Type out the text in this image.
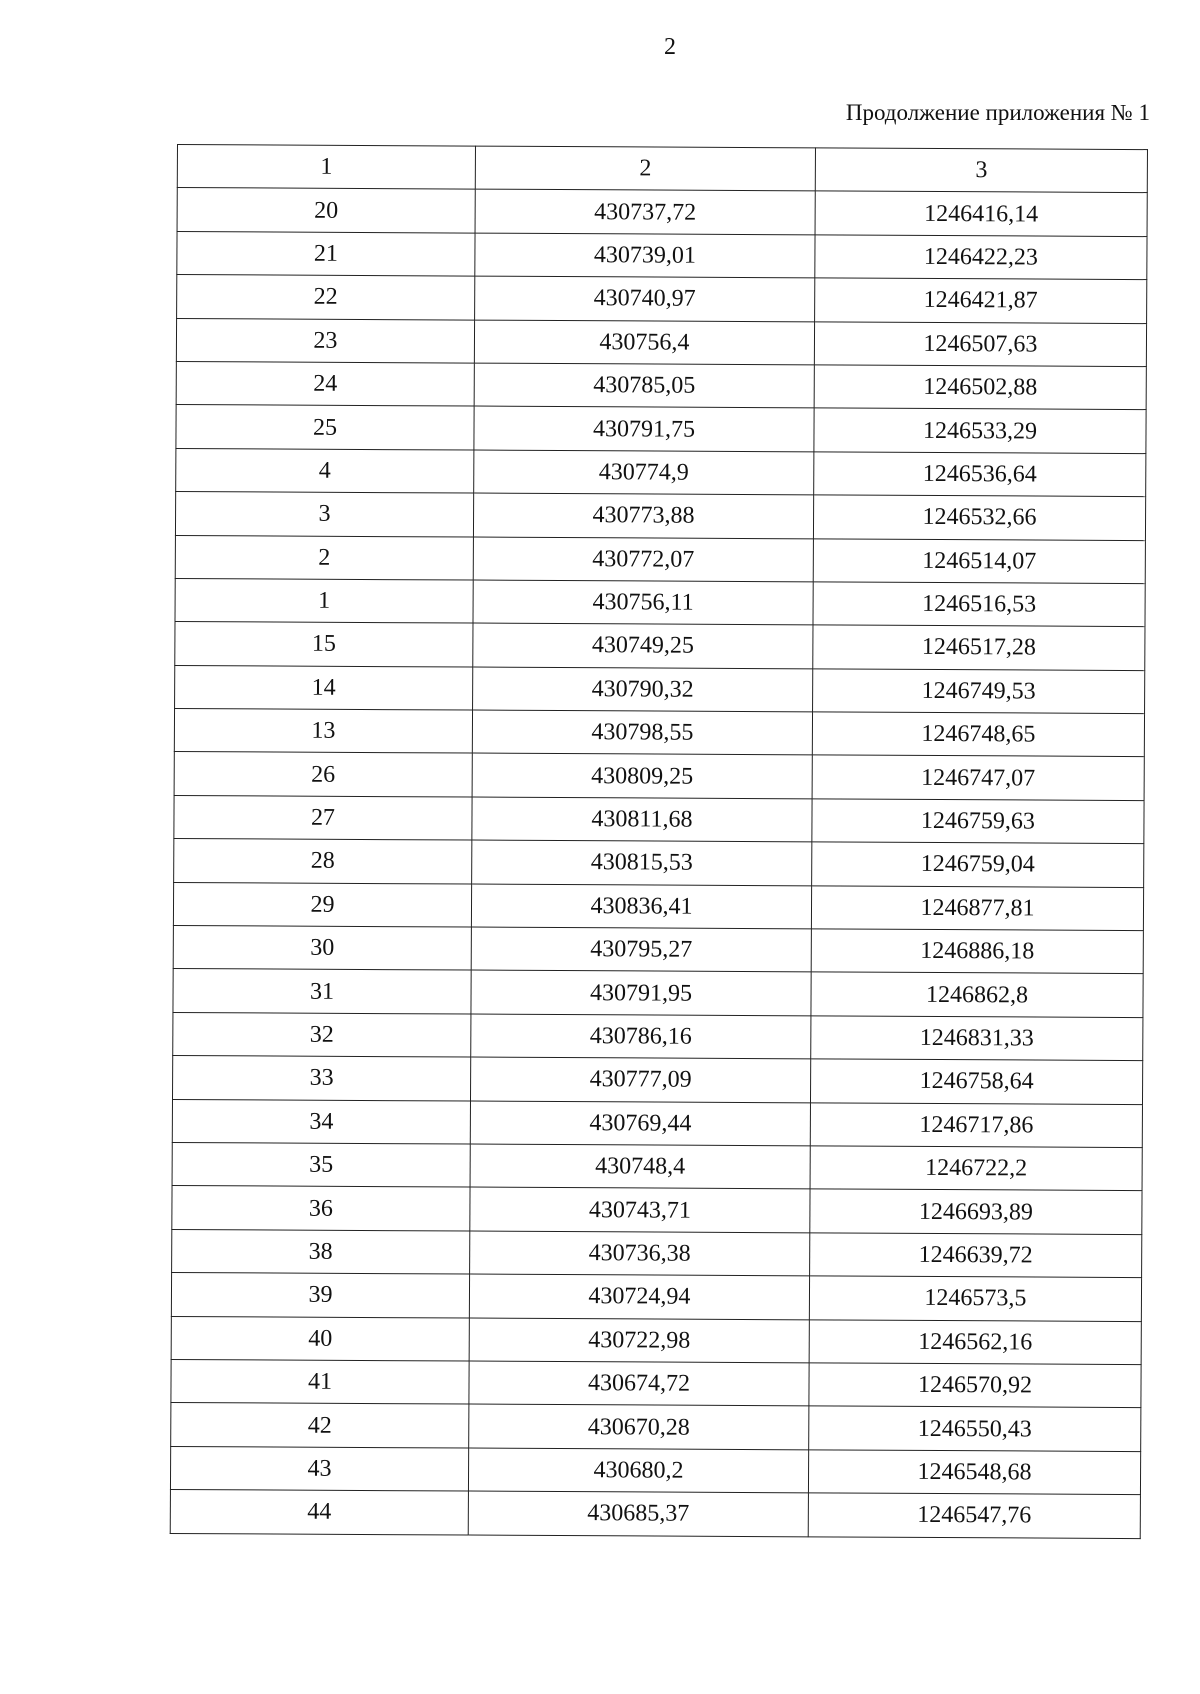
2
Продолжение приложения № 1
1	2	3
20	430737,72	1246416,14
21	430739,01	1246422,23
22	430740,97	1246421,87
23	430756,4	1246507,63
24	430785,05	1246502,88
25	430791,75	1246533,29
4	430774,9	1246536,64
3	430773,88	1246532,66
2	430772,07	1246514,07
1	430756,11	1246516,53
15	430749,25	1246517,28
14	430790,32	1246749,53
13	430798,55	1246748,65
26	430809,25	1246747,07
27	430811,68	1246759,63
28	430815,53	1246759,04
29	430836,41	1246877,81
30	430795,27	1246886,18
31	430791,95	1246862,8
32	430786,16	1246831,33
33	430777,09	1246758,64
34	430769,44	1246717,86
35	430748,4	1246722,2
36	430743,71	1246693,89
38	430736,38	1246639,72
39	430724,94	1246573,5
40	430722,98	1246562,16
41	430674,72	1246570,92
42	430670,28	1246550,43
43	430680,2	1246548,68
44	430685,37	1246547,76
